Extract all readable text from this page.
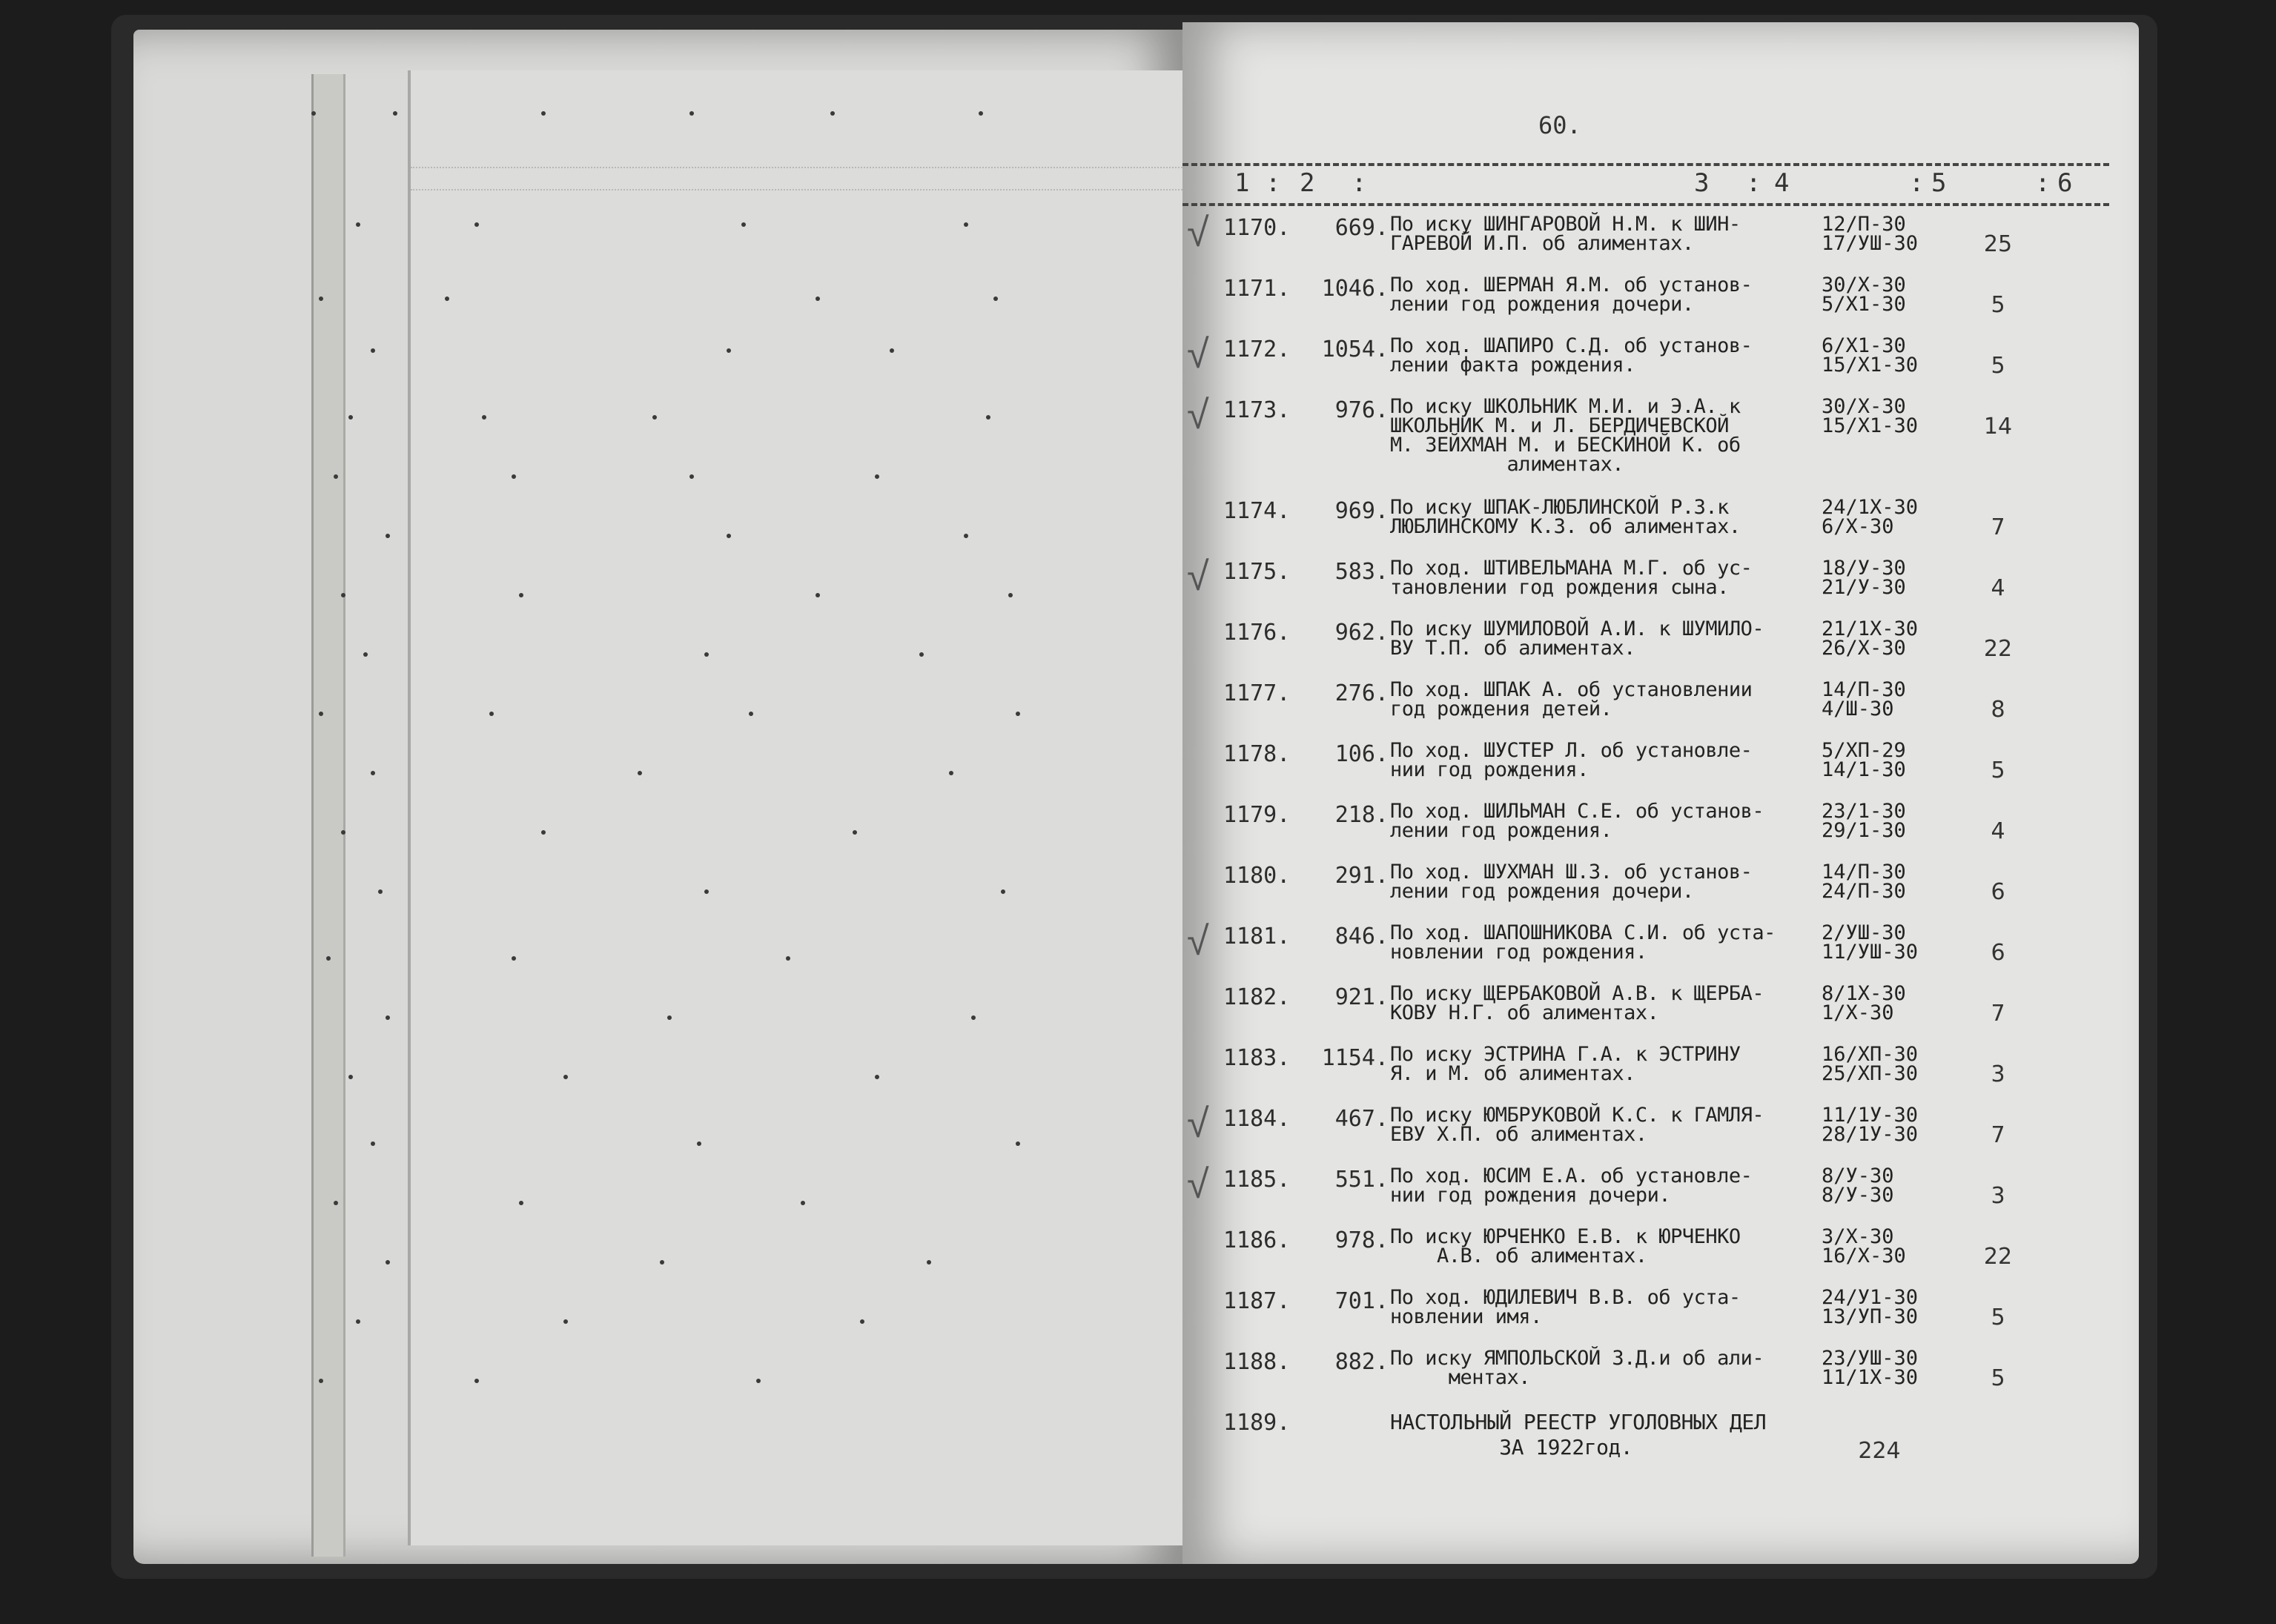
60.
1 : 2 :	3 : 4	: 5	: 6
√ 1170.	669. По иску ШИНГАРОВОЙ Н.М. к ШИН-
ГАРЕВОЙ И.П. об алиментах.
12/П-30
17/УШ-30	25
1171.	1046. По ход. ШЕРМАН Я.М. об установ-
лении год рождения дочери.
30/Х-30
5/Х1-30	5
√ 1172.	1054. По ход. ШАПИРО С.Д. об установ-
лении факта рождения.
6/Х1-30
15/Х1-30	5
√ 1173.	976. По иску ШКОЛЬНИК М.И. и Э.А. к
ШКОЛЬНИК М. и Л. БЕРДИЧЕВСКОЙ
М. ЗЕЙХМАН М. и БЕСКИНОЙ К. об
алиментах.
30/Х-30
15/Х1-30	14
1174.	969. По иску ШПАК-ЛЮБЛИНСКОЙ Р.З.к
ЛЮБЛИНСКОМУ К.З. об алиментах.
24/1Х-30
6/Х-30	7
√ 1175.	583. По ход. ШТИВЕЛЬМАНА М.Г. об ус-
тановлении год рождения сына.
18/У-30
21/У-30	4
1176.	962. По иску ШУМИЛОВОЙ А.И. к ШУМИЛО-
ВУ Т.П. об алиментах.
21/1Х-30
26/Х-30	22
1177.	276. По ход. ШПАК А. об установлении
год рождения детей.
14/П-30
4/Ш-30	8
1178.	106. По ход. ШУСТЕР Л. об установле-
нии год рождения.
5/ХП-29
14/1-30	5
1179.	218. По ход. ШИЛЬМАН С.Е. об установ-
лении год рождения.
23/1-30
29/1-30	4
1180.	291. По ход. ШУХМАН Ш.З. об установ-
лении год рождения дочери.
14/П-30
24/П-30	6
√ 1181.	846. По ход. ШАПОШНИКОВА С.И. об уста-
новлении год рождения.
2/УШ-30
11/УШ-30	6
1182.	921. По иску ЩЕРБАКОВОЙ А.В. к ЩЕРБА-
КОВУ Н.Г. об алиментах.
8/1Х-30
1/Х-30	7
1183.	1154. По иску ЭСТРИНА Г.А. к ЭСТРИНУ
Я. и М. об алиментах.
16/ХП-30
25/ХП-30	3
√ 1184.	467. По иску ЮМБРУКОВОЙ К.С. к ГАМЛЯ-
ЕВУ Х.П. об алиментах.
11/1У-30
28/1У-30	7
√ 1185.	551. По ход. ЮСИМ Е.А. об установле-
нии год рождения дочери.
8/У-30
8/У-30	3
1186.	978. По иску ЮРЧЕНКО Е.В. к ЮРЧЕНКО
А.В. об алиментах.
3/Х-30
16/Х-30	22
1187.	701. По ход. ЮДИЛЕВИЧ В.В. об уста-
новлении имя.
24/У1-30
13/УП-30	5
1188.	882. По иску ЯМПОЛЬСКОЙ З.Д.и об али-
ментах.
23/УШ-30
11/1Х-30	5
1189.	НАСТОЛЬНЫЙ РЕЕСТР УГОЛОВНЫХ ДЕЛ
ЗА 1922год.	224
